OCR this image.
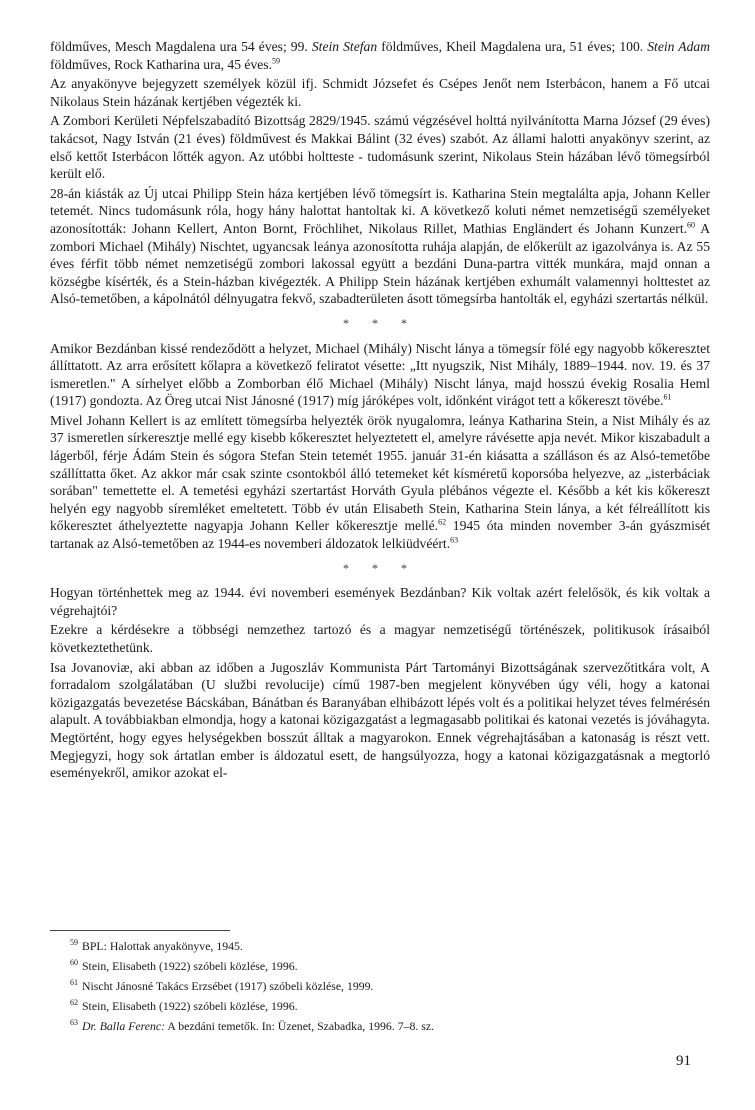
földműves, Mesch Magdalena ura 54 éves; 99. Stein Stefan földműves, Kheil Magdalena ura, 51 éves; 100. Stein Adam földműves, Rock Katharina ura, 45 éves.$^{59}$

Az anyakönyve bejegyzett személyek közül ifj. Schmidt Józsefet és Csépes Jenőt nem Isterbácon, hanem a Fő utcai Nikolaus Stein házának kertjében végezték ki.

A Zombori Kerületi Népfelszabadító Bizottság 2829/1945. számú végzésével holttá nyilvánította Marna József (29 éves) takácsot, Nagy István (21 éves) földművest és Makkai Bálint (32 éves) szabót. Az állami halotti anyakönyv szerint, az első kettőt Isterbácon lőtték agyon. Az utóbbi holtteste - tudomásunk szerint, Nikolaus Stein házában lévő tömegsírból került elő.

28-án kiásták az Új utcai Philipp Stein háza kertjében lévő tömegsírt is. Katharina Stein megtalálta apja, Johann Keller tetemét. Nincs tudomásunk róla, hogy hány halottat hantoltak ki. A következő koluti német nemzetiségű személyeket azonosították: Johann Kellert, Anton Bornt, Fröchlihet, Nikolaus Rillet, Mathias Engländert és Johann Kunzert.$^{60}$ A zombori Michael (Mihály) Nischtet, ugyancsak leánya azonosította ruhája alapján, de előkerült az igazolványa is. Az 55 éves férfit több német nemzetiségű zombori lakossal együtt a bezdáni Duna-partra vitték munkára, majd onnan a községbe kísérték, és a Stein-házban kivégezték. A Philipp Stein házának kertjében exhumált valamennyi holttestet az Alsó-temetőben, a kápolnától délnyugatra fekvő, szabadterületen ásott tömegsírba hantolták el, egyházi szertartás nélkül.

* * *

Amikor Bezdánban kissé rendeződött a helyzet, Michael (Mihály) Nischt lánya a tömegsír fölé egy nagyobb kőkeresztet állíttatott. Az arra erősített kőlapra a következő feliratot vésette: „Itt nyugszik, Nist Mihály, 1889–1944. nov. 19. és 37 ismeretlen." A sírhelyet előbb a Zomborban élő Michael (Mihály) Nischt lánya, majd hosszú évekig Rosalia Heml (1917) gondozta. Az Öreg utcai Nist Jánosné (1917) míg járóképes volt, időnként virágot tett a kőkereszt tövébe.$^{61}$

Mivel Johann Kellert is az említett tömegsírba helyezték örök nyugalomra, leánya Katharina Stein, a Nist Mihály és az 37 ismeretlen sírkeresztje mellé egy kisebb kőkeresztet helyeztetett el, amelyre rávésette apja nevét. Mikor kiszabadult a lágerből, férje Ádám Stein és sógora Stefan Stein tetemét 1955. január 31-én kiásatta a szálláson és az Alsó-temetőbe szállíttatta őket. Az akkor már csak szinte csontokból álló tetemeket két kísméretű koporsóba helyezve, az „isterbáciak sorában" temettette el. A temetési egyházi szertartást Horváth Gyula plébános végezte el. Később a két kis kőkereszt helyén egy nagyobb síremléket emeltetett. Több év után Elisabeth Stein, Katharina Stein lánya, a két félreállított kis kőkeresztet áthelyeztette nagyapja Johann Keller kőkeresztje mellé.$^{62}$ 1945 óta minden november 3-án gyászmisét tartanak az Alsó-temetőben az 1944-es novemberi áldozatok lelkiüdvéért.$^{63}$

* * *

Hogyan történhettek meg az 1944. évi novemberi események Bezdánban? Kik voltak azért felelősök, és kik voltak a végrehajtói?

Ezekre a kérdésekre a többségi nemzethez tartozó és a magyar nemzetiségű történészek, politikusok írásaiból következtethetünk.

Isa Jovanoviæ, aki abban az időben a Jugoszláv Kommunista Párt Tartományi Bizottságának szervezőtitkára volt, A forradalom szolgálatában (U službi revolucije) című 1987-ben megjelent könyvében úgy véli, hogy a katonai közigazgatás bevezetése Bácskában, Bánátban és Baranyában elhibázott lépés volt és a politikai helyzet téves felmérésén alapult. A továbbiakban elmondja, hogy a katonai közigazgatást a legmagasabb politikai és katonai vezetés is jóváhagyta. Megtörtént, hogy egyes helységekben bosszút álltak a magyarokon. Ennek végrehajtásában a katonaság is részt vett. Megjegyzi, hogy sok ártatlan ember is áldozatul esett, de hangsúlyozza, hogy a katonai közigazgatásnak a megtorló eseményekről, amikor azokat el-

$^{59}$ BPL: Halottak anyakönyve, 1945.
$^{60}$ Stein, Elisabeth (1922) szóbeli közlése, 1996.
$^{61}$ Nischt Jánosné Takács Erzsébet (1917) szóbeli közlése, 1999.
$^{62}$ Stein, Elisabeth (1922) szóbeli közlése, 1996.
$^{63}$ Dr. Balla Ferenc: A bezdáni temetők. In: Üzenet, Szabadka, 1996. 7–8. sz.
91
